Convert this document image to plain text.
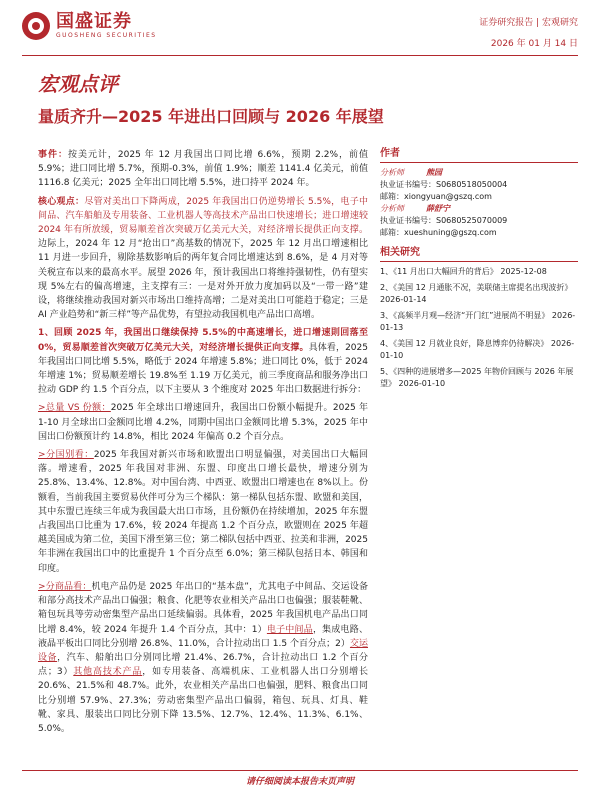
国盛证券
GUOSHENG SECURITIES
证券研究报告 | 宏观研究
2026 年 01 月 14 日
宏观点评
量质齐升—2025 年进出口回顾与 2026 年展望

事件：按美元计，2025 年 12 月我国出口同比增 6.6%，预期 2.2%，前值 5.9%；进口同比增 5.7%，预期-0.3%，前值 1.9%；顺差 1141.4 亿美元，前值 1116.8 亿美元；2025 全年出口同比增 5.5%，进口持平 2024 年。

核心观点：尽管对美出口下降两成，2025 年我国出口仍逆势增长 5.5%，电子中间品、汽车船舶及专用装备、工业机器人等高技术产品出口快速增长；进口增速较 2024 年有所放缓，贸易顺差首次突破万亿美元大关，对经济增长提供正向支撑。边际上，2024 年 12 月“抢出口”高基数的情况下，2025 年 12 月出口增速相比 11 月进一步回升，剔除基数影响后的两年复合同比增速达到 8.6%，是 4 月对等关税宣布以来的最高水平。展望 2026 年，预计我国出口将维持强韧性，仍有望实现 5%左右的偏高增速，主支撑有三：一是对外开放力度加码以及“一带一路”建设，将继续推动我国对新兴市场出口维持高增；二是对美出口可能趋于稳定；三是 AI 产业趋势和“新三样”等产品优势，有望拉动我国机电产品出口高增。

1、回顾 2025 年，我国出口继续保持 5.5%的中高速增长，进口增速則回落至 0%，贸易顺差首次突破万亿美元大关，对经济增长提供正向支撑。具体看，2025 年我国出口同比增 5.5%，略低于 2024 年增速 5.8%；进口同比 0%，低于 2024 年增速 1%；贸易顺差增长 19.8%至 1.19 万亿美元，前三季度商品和服务净出口拉动 GDP 约 1.5 个百分点，以下主要从 3 个维度对 2025 年出口数据进行拆分：

>总量 VS 份额：2025 年全球出口增速回升，我国出口份额小幅提升。2025 年 1-10 月全球出口金额同比增 4.2%，同期中国出口金额同比增 5.3%，2025 年中国出口份额预计约 14.8%，相比 2024 年偏高 0.2 个百分点。

>分国别看：2025 年我国对新兴市场和欧盟出口明显偏强，对美国出口大幅回落。增速看，2025 年我国对非洲、东盟、印度出口增长最快，增速分别为 25.8%、13.4%、12.8%。对中国台湾、中西亚、欧盟出口增速也在 8%以上。份额看，当前我国主要贸易伙伴可分为三个梯队：第一梯队包括东盟、欧盟和美国，其中东盟已连续三年成为我国最大出口市场，且份额仍在持续增加，2025 年东盟占我国出口比重为 17.6%，较 2024 年提高 1.2 个百分点，欧盟则在 2025 年超越美国成为第二位，美国下滑至第三位；第二梯队包括中西亚、拉美和非洲，2025 年非洲在我国出口中的比重提升 1 个百分点至 6.0%；第三梯队包括日本、韩国和印度。

>分商品看：机电产品仍是 2025 年出口的“基本盘”，尤其电子中间品、交运设备和部分高技术产品出口偏强；粮食、化肥等农业相关产品出口也偏强；服装鞋靴、箱包玩具等劳动密集型产品出口延续偏弱。具体看，2025 年我国机电产品出口同比增 8.4%，较 2024 年提升 1.4 个百分点，其中：1）电子中间品，集成电路、液晶平板出口同比分别增 26.8%、11.0%，合计拉动出口 1.5 个百分点；2）交运设备，汽车、船舶出口分别同比增 21.4%、26.7%，合计拉动出口 1.2 个百分点；3）其他高技术产品，如专用装备、高端机床、工业机器人出口分别增长 20.6%、21.5%和 48.7%。此外，农业相关产品出口也偏强，肥料、粮食出口同比分别增 57.9%、27.3%；劳动密集型产品出口偏弱，箱包、玩具、灯具、鞋靴、家具、服装出口同比分别下降 13.5%、12.7%、12.4%、11.3%、6.1%、5.0%。

作者
分析师	熊园
执业证书编号：S0680518050004
邮箱：xiongyuan@gszq.com
分析师	薛舒宁
执业证书编号：S0680525070009
邮箱：xueshuning@gszq.com
相关研究
1、《11 月出口大幅回升的背后》 2025-12-08
2、《美国 12 月通胀不况，美联储主席提名出现波折》 2026-01-14
3、《高频半月观—经济“开门红”进展尚不明显》 2026-01-13
4、《美国 12 月就业良好，降息博弈仍待解决》 2026-01-10
5、《四种的进展增多—2025 年物价回顾与 2026 年展望》 2026-01-10
请仔细阅读本报告末页声明
